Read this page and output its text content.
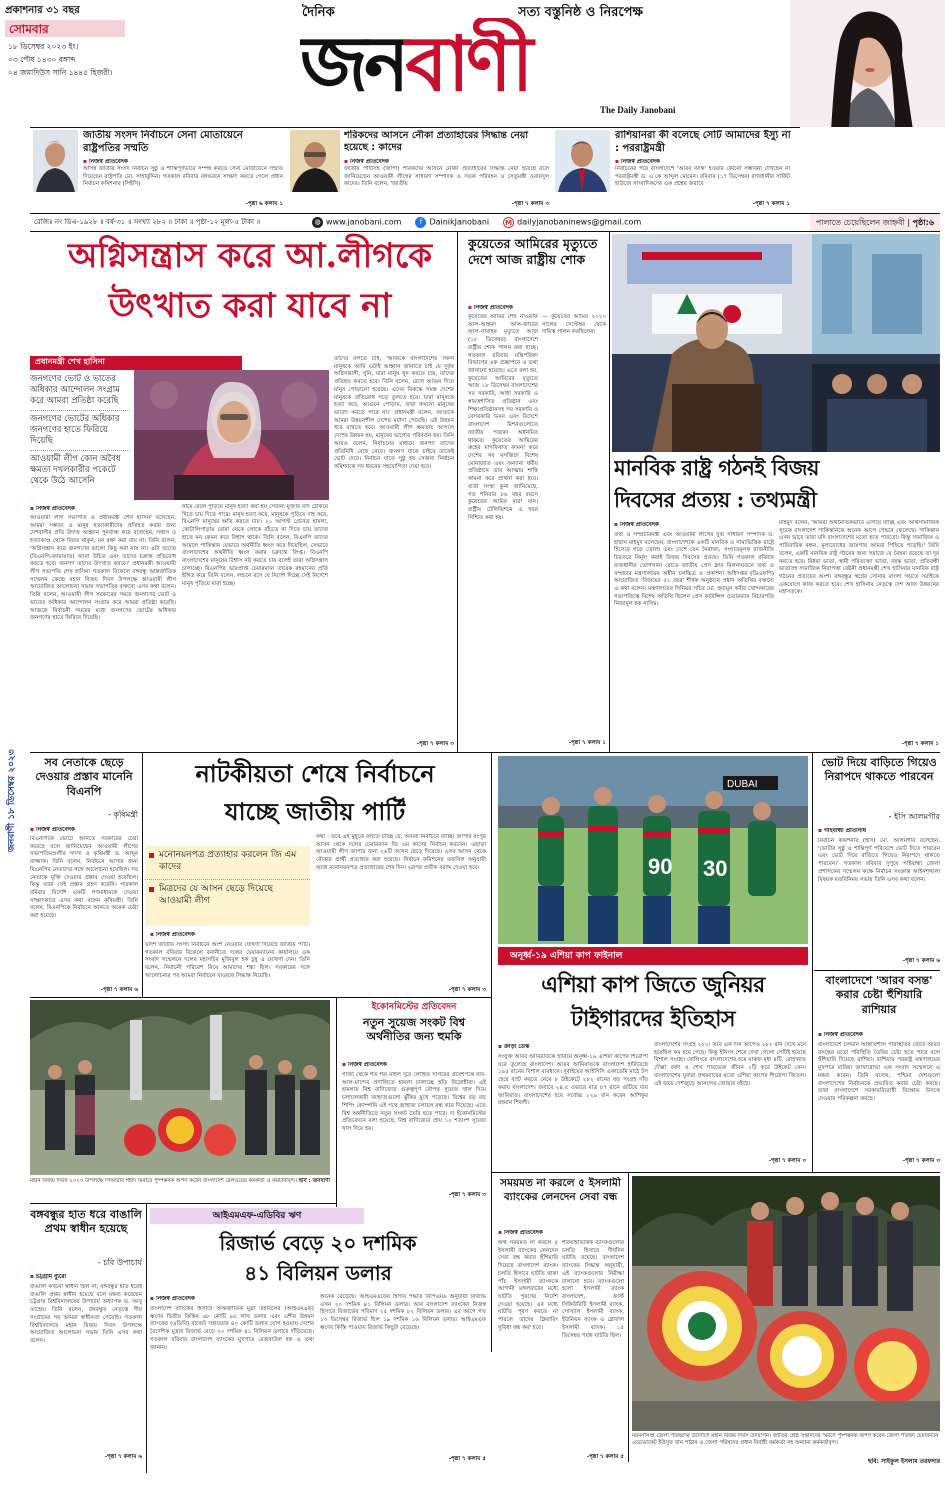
প্রকাশনার ৩১ বছর
সোমবার
১৮ ডিসেম্বর ২০২৩ ইং।
০৩ পৌষ ১৪৩০ বঙ্গাব্দ
০৪ জমাদিউস সানি ১৪৪৫ হিজরী।
দৈনিক	সত্য বস্তুনিষ্ঠ ও নিরপেক্ষ
জনবাণী
The Daily Janobani
জাতীয় সংসদ নির্বাচনে সেনা মোতায়েনে রাষ্ট্রপতির সম্মতি
▪ নিজস্ব প্রতিবেদক
আসন্ন জাতীয় সংসদ নির্বাচন সুষ্ঠু ও শান্তিপূর্ণভাবে সম্পন্ন করতে সেনা মোতায়েনে সম্মতি দিয়েছেন রাষ্ট্রপতি মো. সাহাবুদ্দিন। গতকাল রবিবার বঙ্গভবনে সাক্ষাৎ করতে গেলে প্রধান নির্বাচন কমিশনার (সিইসি)
-পৃষ্ঠা ৬ কলাম ১
শরিকদের আসনে নৌকা প্রত্যাহারের সিদ্ধান্ত নেয়া হয়েছে : কাদের
▪ নিজস্ব প্রতিবেদক
জাতীয় পার্টিসহ (জাপা) শরিকদের আসনে নৌকা প্রত্যাহারের সিদ্ধান্ত নেয়া হয়েছে বলে জানিয়েছেন আওয়ামী লীগের সাধারণ সম্পাদক ও সড়ক পরিবহন ও সেতুমন্ত্রী ওবায়দুল কাদের। তিনি বলেন, 'জাতীয়
-পৃষ্ঠা ৭ কলাম ৩
রাশিয়ানরা কী বলেছে সেটি আমাদের ইস্যু না : পররাষ্ট্রমন্ত্রী
▪ নিজস্ব প্রতিবেদক
নির্বাচনের পরে বাংলাদেশে 'আরব বসন্ত' হওয়ার কোনো সম্ভাবনা দেখছেন না পররাষ্ট্রমন্ত্রী ড. এ কে আব্দুল মোমেন। রবিবার (১৭ ডিসেম্বর) রাজধানীর সার্কিট হাউজে সাংবাদিকদের এক প্রশ্নের জবাবে
-পৃষ্ঠা ৭ কলাম ১
রেজিঃ নং ডিএ-১৯২৮ ॥ বর্ষ-৩১ ॥ সংখ্যা ২৮২ ॥ ঢাকা ॥ পৃষ্ঠা-১২ মূল্য-৫ টাকা ॥	◍ www.janobani.com	f DainikJanobani M dailyjanobaninews@gmail.com	পালাতে চেয়েছিলেন জাহ্নবী | পৃষ্ঠা:৬
অগ্নিসন্ত্রাস করে আ.লীগকে
উৎখাত করা যাবে না
প্রধানমন্ত্রী শেখ হাসিনা
জনগণের ভোট ও ভাতের অধিকার আন্দোলন সংগ্রাম করে আমরা প্রতিষ্ঠা করেছি
জনগণের ভোটের অধিকার জনগণের হাতে ফিরিয়ে দিয়েছি
আওয়ামী লীগ কোন অবৈধ ক্ষমতা দখলকারীর পকেটে থেকে উঠে আসেনি
তাদের বলতে চাই, 'আজকে বাংলাদেশের সকল মানুষকে আমি এটাই আহ্বান জানাতে চাই যে দুর্বৃত্ত অগ্নিসন্ত্রাসী, খুনি, যারা মানুষ খুন করতে চায়, তাদের প্রতিহত করতে হবে। তিনি বলেন, রেলে আগুন দিয়ে মানুষ পোড়ানো হয়েছে। এদের বিরুদ্ধে সমস্ত দেশের মানুষকে প্রতিরোধ গড়ে তুলতে হবে। যারা মানুষকে হত্যা করে, আগুনে পোড়ায়, তারা কখনো মানুষের ভালো করতে পারে না।' প্রধানমন্ত্রী বলেন, আজকে আমরা উন্নয়নশীল দেশের মর্যাদা পেয়েছি। এই উন্নয়ন ধরে রাখতে হবে। আওয়ামী লীগ ক্ষমতায় আসলে দেশের উন্নয়ন হয়, মানুষের ভাগ্যের পরিবর্তন হয়। তিনি আরও বলেন, নির্বাচনের মাধ্যমে জনগণ তাদের প্রতিনিধি বেছে নেবে। জনগণ যাকে চাইবে তাকেই ভোট দেবে। নির্বাচন যাতে সুষ্ঠু হয় সেজন্য নির্বাচন কমিশনকে সব ধরনের সহযোগিতা দেয়া হবে।
▪ নিজস্ব প্রতিবেদক
আওয়ামী লীগ সভাপতি ও প্রধানমন্ত্রী শেখ হাসিনা বলেছেন, আমরা সম্ভাব্য ও মানুষ হত্যাকারীদের প্রতিহত করার জন্য দেশবাসীর প্রতি উদাত্ত আহ্বান পুনর্ব্যক্ত করে বলেছেন, সন্ত্রাস ও হত্যাকাণ্ড থেকে বিরত থাকুন, মন রক্ষা করা যায় না। তিনি বলেন, 'অগ্নিসন্ত্রাস করে জনগণের ভালো কিছু করা যায় না। এটা তাদের (বিএনপি-জামায়াত) জানা উচিত এবং তাদের চক্রান্ত প্রতিরোধ করতে হবে। জনগণ তাদের উৎখাত করবে।' প্রধানমন্ত্রী আওয়ামী লীগ সভাপতি শেখ হাসিনা গতকাল বিকেলে বঙ্গবন্ধু আন্তর্জাতিক সম্মেলন কেন্দ্রে মহান বিজয় দিবস উপলক্ষে আওয়ামী লীগ আয়োজিত আলোচনা সভায় সভাপতির বক্তব্যে এসব কথা বলেন। তিনি বলেন, আওয়ামী লীগ সরকারের সময়ে জনগণের ভোট ও ভাতের অধিকার আন্দোলন সংগ্রাম করে আমরা প্রতিষ্ঠা করেছি। আজকে নির্বাচনী সময়ের মধ্যে জনগণের ভোটের অধিকার জনগণের হাতে ফিরিয়ে দিয়েছি।
নামে রেলে পুড়িয়ে মানুষ হত্যা করা হয় সেজন্য মুক্তার যদি ঠেকিয়ে দিতে চায় দিতে পারে। মানুষ হত্যা করে, মানুষকে পুড়িয়ে দাহ করে, বিএনপি মানুষের ক্ষতি করতে চায়। ২১ আগস্ট গ্রেনেড হামলা, কোটালিপাড়ায় বোমা থেকে লোকে বাঁচতে না দিতে চায় তাদের হাতে মন কেমন করে বিশ্বাস থাকে। তিনি বলেন, বিএনপি তাদের আমলে পাকিস্তান যেভাবে অর্থনীতি ধ্বংস করে দিয়েছিল, সেভাবে বাংলাদেশের অর্থনীতি ধ্বংস করার চক্রান্তে লিপ্ত। বিএনপি বাংলাদেশের মানুষের বিশ্বাস নষ্ট করতে চায় বলেই তারা অগ্নিসন্ত্রাস চালাচ্ছে। বিএনপির ভারপ্রাপ্ত চেয়ারম্যান তারেক রহমানের প্রতি ইঙ্গিত করে তিনি বলেন, লন্ডনে বসে যে নির্দেশ দিচ্ছে সেই নির্দেশে মানুষ পুড়িয়ে মারা হচ্ছে।
-পৃষ্ঠা ৭ কলাম ৩
কুয়েতের আমিরের মৃত্যুতে দেশে আজ রাষ্ট্রীয় শোক
▪ নিজস্ব প্রতিবেদক
কুয়েতের আমির শেখ নাওয়াফ আল-আহমদ আল-জাবের আল-সাবাহর মৃত্যুতে আজ (১৮ ডিসেম্বর) বাংলাদেশে রাষ্ট্রীয় শোক পালন করা হচ্ছে। গতকাল রবিবার মন্ত্রিপরিষদ বিভাগের এক প্রজ্ঞাপনে এ তথ্য জানানো হয়েছে। এতে বলা হয়, কুয়েতের আমিরের মৃত্যুতে আজ ১৮ ডিসেম্বর বাংলাদেশের সব সরকারি, আধা সরকারি ও স্বায়ত্তশাসিত প্রতিষ্ঠান এবং শিক্ষাপ্রতিষ্ঠানসহ সব সরকারি ও বেসরকারি ভবন এবং বিদেশে বাংলাদেশ মিশনগুলোতে জাতীয় পতাকা অর্ধনমিত থাকবে। কুয়েতের আমিরের রুহের মাগফিরাত কামনা করে দেশের সব মসজিদে বিশেষ মোনাজাত এবং অন্যান্য ধর্মীয় প্রতিষ্ঠানে তার আত্মার শান্তি কামনা করে প্রার্থনা করা হবে। বার্তা সংস্থা কুনা জানিয়েছে, গত শনিবার ৮৬ বছর বয়সে কুয়েতের আমির মারা যান। রাষ্ট্রীয় টেলিভিশনে এ খবর নিশ্চিত করা হয়।
— কুয়েতের আমির ২০২০ সালের সেপ্টেম্বর থেকে দায়িত্ব পালন করছিলেন।
-পৃষ্ঠা ৭ কলাম ১
মানবিক রাষ্ট্র গঠনই বিজয়
দিবসের প্রত্যয় : তথ্যমন্ত্রী
▪ নিজস্ব প্রতিবেদক
তথ্য ও সম্প্রচারমন্ত্রী এবং আওয়ামী লীগের যুগ্ম সাধারণ সম্পাদক ড. হাছান মাহমুদ বলেছেন, বাংলাদেশকে একটি মানবিক ও সাম্যভিত্তিক রাষ্ট্রে হিসেবে গড়ে তোলা এবং দেশে যেন নৈরাজ্য, সংঘাতমূলক রাজনীতি চিরতরে নির্মূল করাই বিজয় দিবসের প্রত্যয়। তিনি গতকাল রবিবার রাজধানীর তোপখানা রোডে জাতীয় প্রেস ক্লাব মিলনায়তনে তথ্য ও সম্প্রচার মন্ত্রণালয়ের অধীন চলচ্চিত্র ও প্রকাশনা অধিদপ্তর (ডিএফপি) আয়োজিত 'বিজয়ের ৫২ বছর' শীর্ষক অনুষ্ঠানে প্রধান অতিথির বক্তব্যে এ কথা বলেন। মন্ত্রণালয়ের সিনিয়র সচিব মো. হুমায়ুন কবীর খোন্দকারের সভাপতিত্বে বিশেষ অতিথি ছিলেন প্রেস কাউন্সিল চেয়ারম্যান বিচারপতি নিজামুল হক নাসিম।
মাহমুদ বলেন, 'আমরা অর্থনৈতিকভাবে এগিয়ে যাচ্ছি এবং আর্থসামাজিক সূচকে বাংলাদেশ পাকিস্তানকে অনেক আগে পেছনে ফেলেছে। পাকিস্তান এখন ভাবে তারা যদি বাংলাদেশের মতো হতে পারতো। কিন্তু সামাজিক ও পারিবারিক বন্ধন, মূল্যবোধের জায়গায় আমরা পিছিয়ে পড়েছি।' তিনি বলেন, একটি মানবিক রাষ্ট্র গঠনের জন্য সমাজে যে বৈষম্য রয়েছে তা দূর করতে হবে। বিধবা ভাতা, স্বামী পরিত্যক্তা ভাতা, বয়স্ক ভাতা, প্রতিবন্ধী ভাতাসহ সামাজিক নিরাপত্তা বেষ্টনী প্রধানমন্ত্রী শেখ হাসিনার মানবিক রাষ্ট্র গঠনের প্রত্যয়ের অংশ। বঙ্গবন্ধুর স্বপ্নের সোনার বাংলা গড়তে সবাইকে একযোগে কাজ করতে হবে। শেখ হাসিনার নেতৃত্বে দেশ আজ উন্নয়নের মহাসড়কে।
-পৃষ্ঠা ৭ কলাম ১
জনবাণী ১৮ ডিসেম্বর ২০২৩	সব নেতাকে ছেড়ে দেওয়ার প্রস্তাব মানেনি বিএনপি
- কৃষিমন্ত্রী
▪ নিজস্ব প্রতিবেদক
বিএনপিকে ভোটে আনতে সরকারের চেষ্টা করেছে বলে জানিয়েছেন আওয়ামী লীগের সভাপতিমণ্ডলীর সদস্য ও কৃষিমন্ত্রী ড. আব্দুর রাজ্জাক। তিনি বলেন, নির্বাচনে আসার জন্য বিএনপির নেতাদের সঙ্গে আলোচনা হয়েছিল। সব নেতাকে মুক্তি দেওয়ার প্রস্তাব দেওয়া হয়েছিল। কিন্তু তারা সেই প্রস্তাব গ্রহণ করেনি। গতকাল রবিবার বিদেশি একটি গণমাধ্যমকে দেওয়া সাক্ষাৎকারে এসব কথা বলেন কৃষিমন্ত্রী। তিনি বলেন, বিএনপিকে নির্বাচনে আনতে অনেক চেষ্টা করা হয়েছে।
-পৃষ্ঠা ৭ কলাম ৬
নাটকীয়তা শেষে নির্বাচনে
যাচ্ছে জাতীয় পার্টি
মনোনয়নপত্র প্রত্যাহার করলেন জি এম কাদের
মিত্রদের যে আসন ছেড়ে দিয়েছে আওয়ামী লীগ
▪ নিজস্ব প্রতিবেদক
দ্বাদশ জাতীয় সংসদ নির্বাচনে অংশ নেওয়ার ঘোষণা দিয়েছে জাতীয় পার্টি। গতকাল রবিবার বিকেলে বনানীতে দলের চেয়ারম্যানের কার্যালয়ে এক সংবাদ সম্মেলনে দলের মহাসচিব মুজিবুল হক চুন্নু এ ঘোষণা দেন। তিনি বলেন, নির্বাচনী পরিবেশ নিয়ে আমাদের শঙ্কা ছিল। সরকারের সঙ্গে আলোচনার পর আমরা নির্বাচনে যাওয়ার সিদ্ধান্ত নিয়েছি।
কথা : তবে এই মুহূর্তে বলতে চাচ্ছি যে, আমরা নির্বাচনে যাচ্ছি। জাপার রংপুর আসন থেকে দলের চেয়ারম্যান জি এম কাদের নির্বাচন করবেন। এছাড়া আওয়ামী লীগ জাপার জন্য ২৬টি আসন ছেড়ে দিয়েছে। এসব আসন থেকে নৌকার প্রার্থী প্রত্যাহার করা হয়েছে। নির্বাচন কমিশনের তফসিল অনুযায়ী আজ মনোনয়নপত্র প্রত্যাহারের শেষ দিন। এরপর প্রতীক বরাদ্দ দেওয়া হবে।
-পৃষ্ঠা ৭ কলাম ৩
DUBAI
90 30
অনূর্ধ্ব-১৯ এশিয়া কাপ ফাইনাল
এশিয়া কাপ জিতে জুনিয়র
টাইগারদের ইতিহাস
▪ ক্রীড়া ডেস্ক
সংযুক্ত আরব আমিরাতকে হারিয়ে অনূর্ধ্ব-১৯ এশিয়া কাপের শিরোপা ঘরে তুলেছে বাংলাদেশ। আরব আমিরাতকে বাংলাদেশ হারিয়েছে ১৯৫ রানের বিশাল ব্যবধানে। দুবাইয়ের আইসিসি একাডেমি মাঠে টস হেরে ব্যাট করতে নেমে ৮ উইকেটে ২৮২ রানের বড় সংগ্রহ দাঁড় করায় বাংলাদেশ। জবাবে ২৪.৫ ওভারে মাত্র ৮৭ রানে গুটিয়ে যায় আমিরাত। বাংলাদেশের হয়ে সর্বোচ্চ ১২৯ রান করেন আশিকুর রহমান শিবলী।
বাংলাদেশের সংগ্রহ ২৮২। তবে এক দিন আগেও ২৮২ রান দেখে মনে হয়েছিল কম হয়ে গেছে। কিন্তু ইনিংস শেষে দেখা গেলো সেটিই হয়েছে বিশাল সংগ্রহ। বোলিংয়ে বাংলাদেশের হয়ে মারুফ মৃধা ৪টি, রোহানাত দৌল্লা বর্ষণ ও শেখ পারভেজ জীবন ২টি করে উইকেট নেন। বাংলাদেশের যুবারা প্রথমবারের মতো এশিয়া কাপের শিরোপা জিতল। এই জয়ে দেশজুড়ে আনন্দের জোয়ার বইছে।
-পৃষ্ঠা ৭ কলাম ৩
ভোট দিয়ে বাড়িতে গিয়েও নিরাপদে থাকতে পারবেন
- ইসি আলমগীর
▪ গাইবান্ধা প্রতিনিধি
নির্বাচন কমিশনার (ইসি) মো. আলমগীর বলেছেন, 'ভোটার সুষ্ঠু ও শান্তিপূর্ণ পরিবেশে ভোট দিতে পারবেন এবং ভোট দিয়ে বাড়িতে গিয়েও নিরাপদে থাকতে পারবেন।' গতকাল রবিবার দুপুরে গাইবান্ধা জেলা প্রশাসকের সম্মেলন কক্ষে নির্বাচন সংক্রান্ত আইনশৃঙ্খলা বিষয়ক মতবিনিময় সভায় তিনি এসব কথা বলেন।
-পৃষ্ঠা ৭ কলাম ৬
বাংলাদেশে 'আরব বসন্ত' করার চেষ্টা হুঁশিয়ারি রাশিয়ার
▪ নিজস্ব প্রতিবেদক
বাংলাদেশে চলমান অস্থিতিশীল পরিস্থিতির জেরে আরব বসন্তের মতো পরিস্থিতি তৈরির চেষ্টা হতে পারে বলে হুঁশিয়ারি দিয়েছে রাশিয়া। রাশিয়ার পররাষ্ট্র মন্ত্রণালয়ের মুখপাত্র মারিয়া জাখারোভা এক সংবাদ সম্মেলনে এ মন্তব্য করেন। তিনি বলেন, পশ্চিমা দেশগুলো বাংলাদেশের নির্বাচনকে প্রভাবিত করার চেষ্টা করছে। তারা বাংলাদেশে সরকারবিরোধী বিক্ষোভ উসকে দেওয়ার পরিকল্পনা করছে।
-পৃষ্ঠা ৭ কলাম ৩
মহান বিজয় দিবস ২০২৩ উপলক্ষে সিআরবি শহীদ মিনারে পুষ্পস্তবক অর্পণ করেন বাংলাদেশ রেলওয়ের কর্মকর্তা ও কর্মচারীবৃন্দ। ছবি : জনবাণী
ইকোনমিস্টের প্রতিবেদন
নতুন সুয়েজ সংকট বিশ্ব অর্থনীতির জন্য হুমকি
▪ নিজস্ব প্রতিবেদক
গাজা থেকে শত শত মাইল দূরে লোহিত সাগরের প্রবেশপথে বাব-আল-মান্দেব প্রণালিতে হামলা চালাচ্ছে হুতি বিদ্রোহীরা। এই হামলায় বিশ্ব বাণিজ্যের গুরুত্বপূর্ণ নৌপথ সুয়েজ খাল দিয়ে চলাচলকারী জাহাজগুলো ঝুঁকির মুখে পড়েছে। বিশ্বের বড় বড় শিপিং কোম্পানি এই পথে জাহাজ চলাচল বন্ধ করে দিয়েছে। এতে বিশ্ব অর্থনীতিতে নতুন সংকট তৈরি হতে পারে। দ্য ইকোনমিস্টের প্রতিবেদনে বলা হয়েছে, বিশ্ব বাণিজ্যের প্রায় ১২ শতাংশ সুয়েজ খাল দিয়ে হয়।
-পৃষ্ঠা ৭ কলাম ৩
বঙ্গবন্ধুর হাত ধরে বাঙালি প্রথম স্বাধীন হয়েছে
- চবি উপাচার্য
▪ চট্টগ্রাম ব্যুরো
বাঙালি কখনো স্বাধীন ছিল না, বঙ্গবন্ধুর হাত ধরেই বাঙালি প্রথম স্বাধীন হয়েছে বলে মন্তব্য করেছেন চট্টগ্রাম বিশ্ববিদ্যালয়ের উপাচার্য অধ্যাপক ড. আবু তাহের। তিনি বলেন, বঙ্গবন্ধুর নেতৃত্বে দীর্ঘ সংগ্রামের পর আমরা স্বাধীনতা পেয়েছি। গতকাল বিশ্ববিদ্যালয়ে মহান বিজয় দিবস উপলক্ষে আয়োজিত আলোচনা সভায় তিনি এসব কথা বলেন।
-পৃষ্ঠা ৭ কলাম ৬
আইএমএফ-এডিবির ঋণ
রিজার্ভ বেড়ে ২০ দশমিক
৪১ বিলিয়ন ডলার
▪ নিজস্ব প্রতিবেদক
বাংলাদেশ ব্যাংকের হিসাবে আন্তর্জাতিক মুদ্রা তহবিলের (আইএমএফ) ঋণের দ্বিতীয় কিস্তির ৬৮ কোটি ৯৮ লাখ ডলার এবং এশীয় উন্নয়ন ব্যাংকের (এডিবি) বাজেট সহায়তার ৪০ কোটি ডলার যোগ হওয়ায় দেশের বৈদেশিক মুদ্রার রিজার্ভ বেড়ে ২০ দশমিক ৪১ বিলিয়ন ডলারে দাঁড়িয়েছে। গতকাল রবিবার বাংলাদেশ ব্যাংকের মুখপাত্র মেজবাউল হক এ তথ্য জানান।
অনেক বেড়েছে। আইএমএফের হিসাব পদ্ধতি বিপিএম৬ অনুযায়ী রিজার্ভ এখন ২০ দশমিক ৪১ বিলিয়ন ডলার। আর বাংলাদেশ ব্যাংকের নিজস্ব হিসাবে রিজার্ভের পরিমাণ ২৫ দশমিক ৮২ বিলিয়ন ডলার। এর আগে গত ১৩ ডিসেম্বর রিজার্ভ ছিল ১৯ দশমিক ১৬ বিলিয়ন ডলার। আইএমএফ ঋণের কিস্তি পাওয়ায় রিজার্ভ কিছুটা বেড়েছে।
-পৃষ্ঠা ৭ কলাম ৫
সময়মত না করলে ৫ ইসলামী ব্যাংকের লেনদেন সেবা বন্ধ
▪ নিজস্ব প্রতিবেদক
অর্থ সময়মত না করলে ৫ ইসলামী ব্যাংকের লেনদেন সেবা বন্ধ করার হুঁশিয়ারি দিয়েছে বাংলাদেশ ব্যাংক। চলতি হিসাবে ঘাটতি থাকা পাঁচ ইসলামী ব্যাংককে আগামী মঙ্গলবারের মধ্যে ঘাটতি পূরণের নির্দেশ দেওয়া হয়েছে। এর মধ্যে ঘাটতি পূরণ করতে না পারলে তাদের ক্লিয়ারিং সুবিধা বন্ধ করা হবে।
শরিয়াহভিত্তিক ব্যাংকগুলোর চলতি হিসাবে দীর্ঘদিন ঘাটতি রয়েছে। বাংলাদেশ ব্যাংকের সিদ্ধান্ত অনুযায়ী, এই ব্যাংকগুলোর নিরীক্ষা চালানো হবে। ব্যাংকগুলো হলো ইসলামী ব্যাংক বাংলাদেশ, ফার্স্ট সিকিউরিটি ইসলামী ব্যাংক, সোস্যাল ইসলামী ব্যাংক, ইউনিয়ন ব্যাংক ও গ্লোবাল ইসলামী ব্যাংক। ১৫ ডিসেম্বর পর্যন্ত ঘাটতি ছিল।
-পৃষ্ঠা ৭ কলাম ৫
ময়মনসিংহ জেলা পরিষদের উদ্যোগে মহান বিজয় দিবস উদযাপন। জাতির শ্রেষ্ঠ সন্তানদের স্মরণে পুষ্পস্তবক অর্পণ করেন জেলা পরিষদ চেয়ারম্যান এডভোকেট ইউসুফ খান পাঠান ও জেলা পরিষদের প্রধান নির্বাহী কর্মকর্তা সহ অন্যান্য কর্মকর্তাবৃন্দ।
ছবি: সাইফুল ইসলাম তরফদার
